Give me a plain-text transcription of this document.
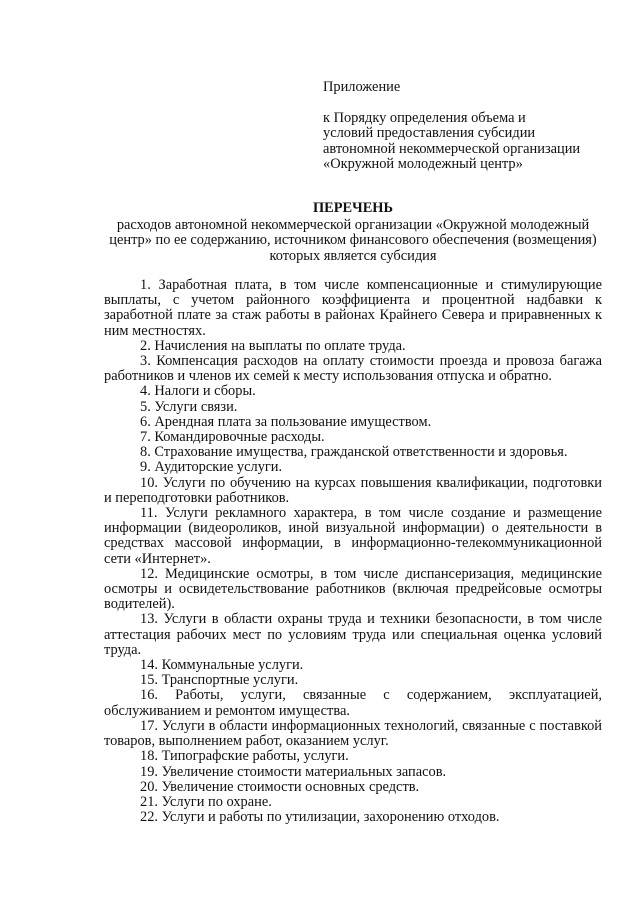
Приложение
к Порядку определения объема и
условий предоставления субсидии
автономной некоммерческой организации
«Окружной молодежный центр»
ПЕРЕЧЕНЬ
расходов автономной некоммерческой организации «Окружной молодежный
центр» по ее содержанию, источником финансового обеспечения (возмещения)
которых является субсидия
1. Заработная плата, в том числе компенсационные и стимулирующие выплаты, с учетом районного коэффициента и процентной надбавки к заработной плате за стаж работы в районах Крайнего Севера и приравненных к ним местностях.
2. Начисления на выплаты по оплате труда.
3. Компенсация расходов на оплату стоимости проезда и провоза багажа работников и членов их семей к месту использования отпуска и обратно.
4. Налоги и сборы.
5. Услуги связи.
6. Арендная плата за пользование имуществом.
7. Командировочные расходы.
8. Страхование имущества, гражданской ответственности и здоровья.
9. Аудиторские услуги.
10. Услуги по обучению на курсах повышения квалификации, подготовки и переподготовки работников.
11. Услуги рекламного характера, в том числе создание и размещение информации (видеороликов, иной визуальной информации) о деятельности в средствах массовой информации, в информационно-телекоммуникационной сети «Интернет».
12. Медицинские осмотры, в том числе диспансеризация, медицинские осмотры и освидетельствование работников (включая предрейсовые осмотры водителей).
13. Услуги в области охраны труда и техники безопасности, в том числе аттестация рабочих мест по условиям труда или специальная оценка условий труда.
14. Коммунальные услуги.
15. Транспортные услуги.
16. Работы, услуги, связанные с содержанием, эксплуатацией, обслуживанием и ремонтом имущества.
17. Услуги в области информационных технологий, связанные с поставкой товаров, выполнением работ, оказанием услуг.
18. Типографские работы, услуги.
19. Увеличение стоимости материальных запасов.
20. Увеличение стоимости основных средств.
21. Услуги по охране.
22. Услуги и работы по утилизации, захоронению отходов.
